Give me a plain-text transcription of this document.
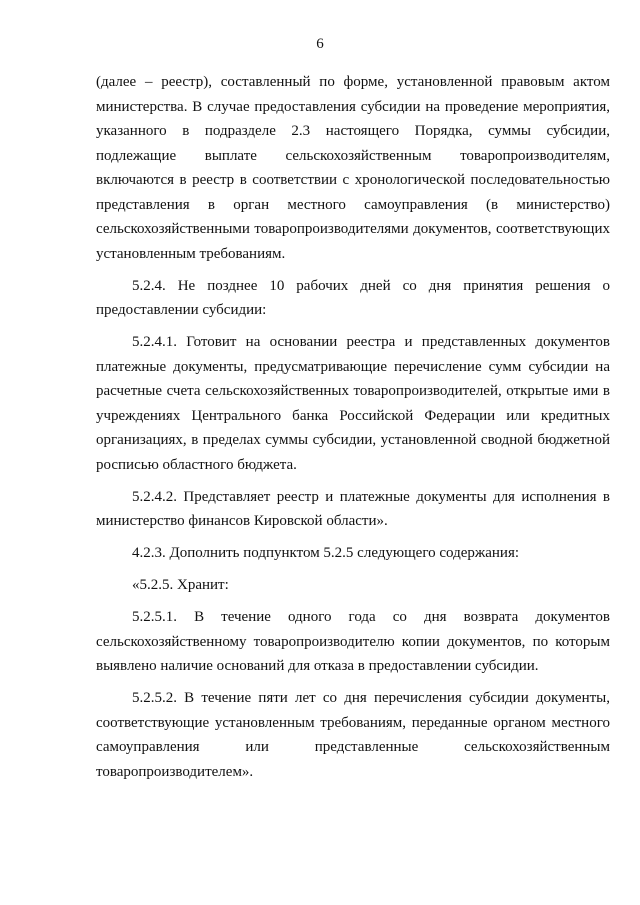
6

(далее – реестр), составленный по форме, установленной правовым актом министерства. В случае предоставления субсидии на проведение мероприятия, указанного в подразделе 2.3 настоящего Порядка, суммы субсидии, подлежащие выплате сельскохозяйственным товаропроизводителям, включаются в реестр в соответствии с хронологической последовательностью представления в орган местного самоуправления (в министерство) сельскохозяйственными товаропроизводителями документов, соответствующих установленным требованиям.

5.2.4. Не позднее 10 рабочих дней со дня принятия решения о предоставлении субсидии:

5.2.4.1. Готовит на основании реестра и представленных документов платежные документы, предусматривающие перечисление сумм субсидии на расчетные счета сельскохозяйственных товаропроизводителей, открытые ими в учреждениях Центрального банка Российской Федерации или кредитных организациях, в пределах суммы субсидии, установленной сводной бюджетной росписью областного бюджета.

5.2.4.2. Представляет реестр и платежные документы для исполнения в министерство финансов Кировской области».

4.2.3. Дополнить подпунктом 5.2.5 следующего содержания:

«5.2.5. Хранит:

5.2.5.1. В течение одного года со дня возврата документов сельскохозяйственному товаропроизводителю копии документов, по которым выявлено наличие оснований для отказа в предоставлении субсидии.

5.2.5.2. В течение пяти лет со дня перечисления субсидии документы, соответствующие установленным требованиям, переданные органом местного самоуправления или представленные сельскохозяйственным товаропроизводителем».
